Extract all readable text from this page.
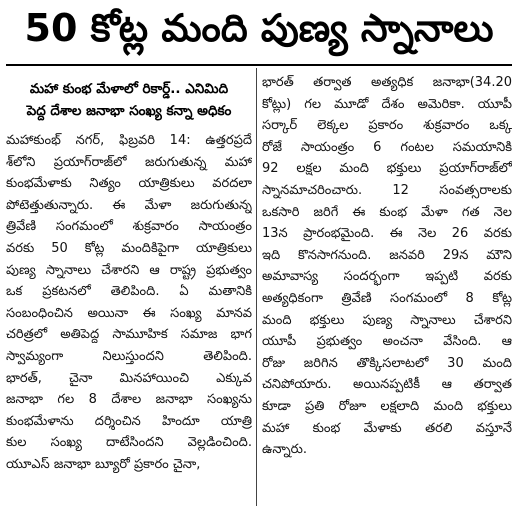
50 కోట్ల మంది పుణ్య స్నానాలు
మహా కుంభ మేళాలో రికార్డ్.. ఎనిమిది
పెద్ద దేశాల జనాభా సంఖ్య కన్నా అధికం
మహాకుంభ్ నగర్, ఫిబ్రవరి 14: ఉత్తరప్రదే
శ్‌లోని ప్రయాగ్‌రాజ్‌లో జరుగుతున్న మహా
కుంభమేళాకు నిత్యం యాత్రికులు వరదలా
పోటెత్తుతున్నారు. ఈ మేళా జరుగుతున్న
త్రివేణి సంగమంలో శుక్రవారం సాయంత్రం
వరకు 50 కోట్ల మందికిపైగా యాత్రికులు
పుణ్య స్నానాలు చేశారని ఆ రాష్ట్ర ప్రభుత్వం
ఒక ప్రకటనలో తెలిపింది. ఏ మతానికి
సంబంధించిన అయినా ఈ సంఖ్య మానవ
చరిత్రలో అతిపెద్ద సామూహిక సమాజ భాగ
స్వామ్యంగా నిలుస్తుందని తెలిపింది.
భారత్, చైనా మినహాయించి ఎక్కువ
జనాభా గల 8 దేశాల జనాభా సంఖ్యను
కుంభమేళాను దర్శించిన హిందూ యాత్రి
కుల సంఖ్య దాటేసిందని వెల్లడించింది.
యూఎస్ జనాభా బ్యూరో ప్రకారం చైనా,
భారత్ తర్వాత అత్యధిక జనాభా(34.20
కోట్లు) గల మూడో దేశం అమెరికా. యూపీ
సర్కార్ లెక్కల ప్రకారం శుక్రవారం ఒక్క
రోజే సాయంత్రం 6 గంటల సమయానికి
92 లక్షల మంది భక్తులు ప్రయాగ్‌రాజ్‌లో
స్నానమాచరించారు. 12 సంవత్సరాలకు
ఒకసారి జరిగే ఈ కుంభ మేళా గత నెల
13న ప్రారంభమైంది. ఈ నెల 26 వరకు
ఇది కొనసాగనుంది. జనవరి 29న మౌని
అమావాస్య సందర్భంగా ఇప్పటి వరకు
అత్యధికంగా త్రివేణి సంగమంలో 8 కోట్ల
మంది భక్తులు పుణ్య స్నానాలు చేశారని
యూపీ ప్రభుత్వం అంచనా వేసింది. ఆ
రోజు జరిగిన తొక్కిసలాటలో 30 మంది
చనిపోయారు. అయినప్పటికీ ఆ తర్వాత
కూడా ప్రతి రోజూ లక్షలాది మంది భక్తులు
మహా కుంభ మేళాకు తరలి వస్తూనే
ఉన్నారు.
